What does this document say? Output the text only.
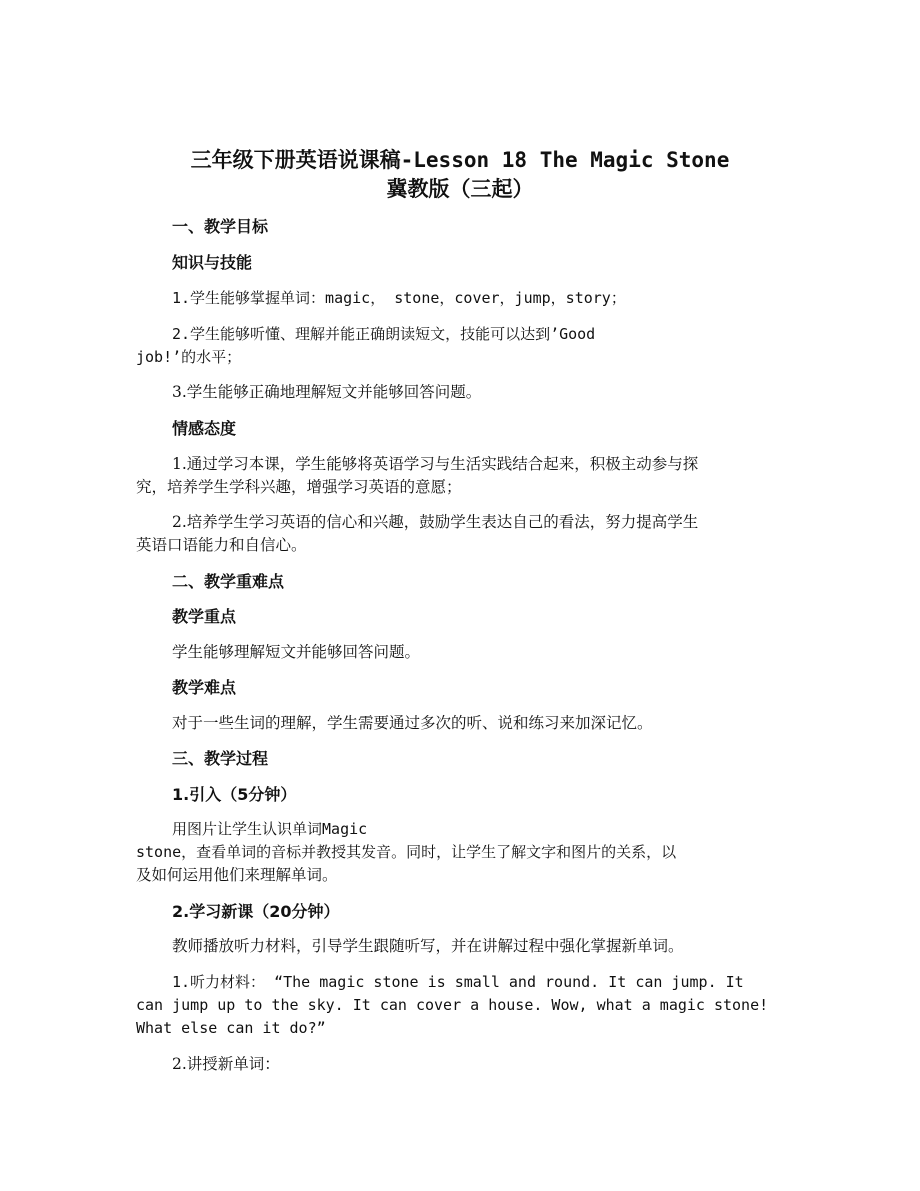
三年级下册英语说课稿-Lesson 18 The Magic Stone
冀教版（三起）
一、教学目标
知识与技能
1.学生能够掌握单词：magic， stone，cover，jump，story；
2.学生能够听懂、理解并能正确朗读短文，技能可以达到’Good
job!’的水平；
3.学生能够正确地理解短文并能够回答问题。
情感态度
1.通过学习本课，学生能够将英语学习与生活实践结合起来，积极主动参与探
究，培养学生学科兴趣，增强学习英语的意愿；
2.培养学生学习英语的信心和兴趣，鼓励学生表达自己的看法，努力提高学生
英语口语能力和自信心。
二、教学重难点
教学重点
学生能够理解短文并能够回答问题。
教学难点
对于一些生词的理解，学生需要通过多次的听、说和练习来加深记忆。
三、教学过程
1.引入（5分钟）
用图片让学生认识单词Magic
stone，查看单词的音标并教授其发音。同时，让学生了解文字和图片的关系，以
及如何运用他们来理解单词。
2.学习新课（20分钟）
教师播放听力材料，引导学生跟随听写，并在讲解过程中强化掌握新单词。
1.听力材料： “The magic stone is small and round. It can jump. It
can jump up to the sky. It can cover a house. Wow, what a magic stone!
What else can it do?”
2.讲授新单词：
